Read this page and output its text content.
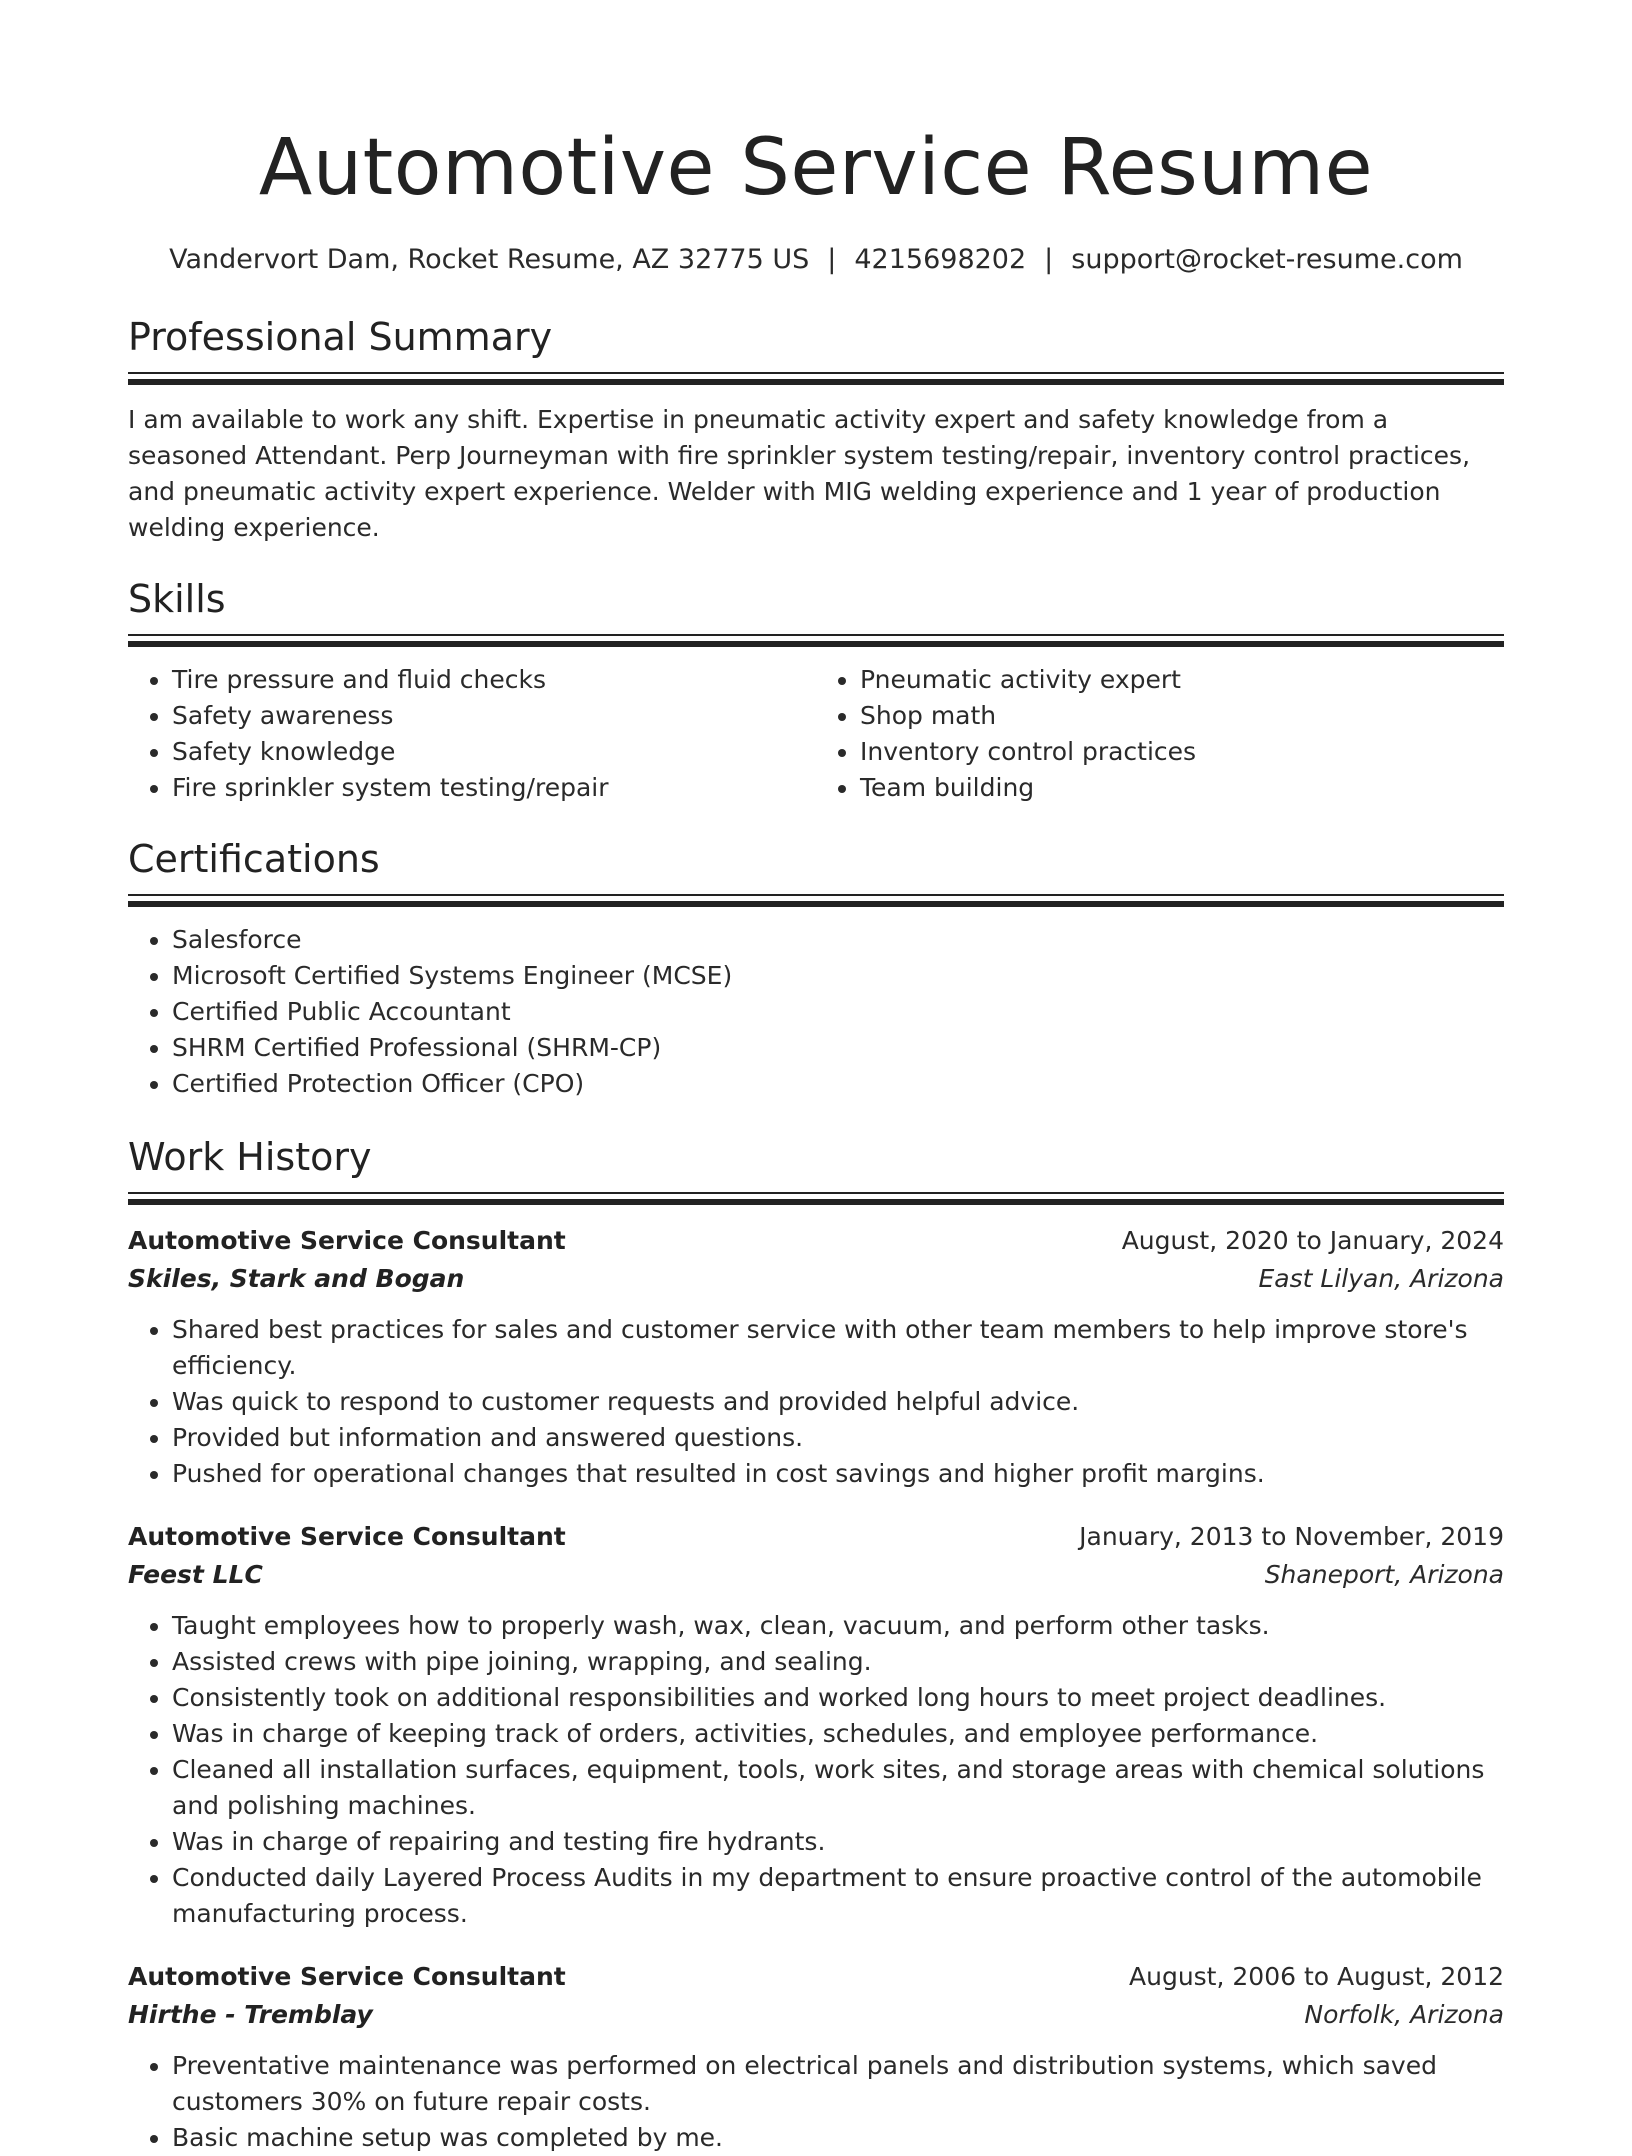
Automotive Service Resume
Vandervort Dam, Rocket Resume, AZ 32775 US | 4215698202 | support@rocket-resume.com
Professional Summary

I am available to work any shift. Expertise in pneumatic activity expert and safety knowledge from a seasoned Attendant. Perp Journeyman with fire sprinkler system testing/repair, inventory control practices, and pneumatic activity expert experience. Welder with MIG welding experience and 1 year of production welding experience.

Skills
• Tire pressure and fluid checks
• Safety awareness
• Safety knowledge
• Fire sprinkler system testing/repair
• Pneumatic activity expert
• Shop math
• Inventory control practices
• Team building
Certifications
• Salesforce
• Microsoft Certified Systems Engineer (MCSE)
• Certified Public Accountant
• SHRM Certified Professional (SHRM-CP)
• Certified Protection Officer (CPO)
Work History
Automotive Service Consultant	August, 2020 to January, 2024
Skiles, Stark and Bogan	East Lilyan, Arizona
• Shared best practices for sales and customer service with other team members to help improve store's efficiency.
• Was quick to respond to customer requests and provided helpful advice.
• Provided but information and answered questions.
• Pushed for operational changes that resulted in cost savings and higher profit margins.
Automotive Service Consultant	January, 2013 to November, 2019
Feest LLC	Shaneport, Arizona
• Taught employees how to properly wash, wax, clean, vacuum, and perform other tasks.
• Assisted crews with pipe joining, wrapping, and sealing.
• Consistently took on additional responsibilities and worked long hours to meet project deadlines.
• Was in charge of keeping track of orders, activities, schedules, and employee performance.
• Cleaned all installation surfaces, equipment, tools, work sites, and storage areas with chemical solutions and polishing machines.
• Was in charge of repairing and testing fire hydrants.
• Conducted daily Layered Process Audits in my department to ensure proactive control of the automobile manufacturing process.
Automotive Service Consultant	August, 2006 to August, 2012
Hirthe - Tremblay	Norfolk, Arizona
• Preventative maintenance was performed on electrical panels and distribution systems, which saved customers 30% on future repair costs.
• Basic machine setup was completed by me.
